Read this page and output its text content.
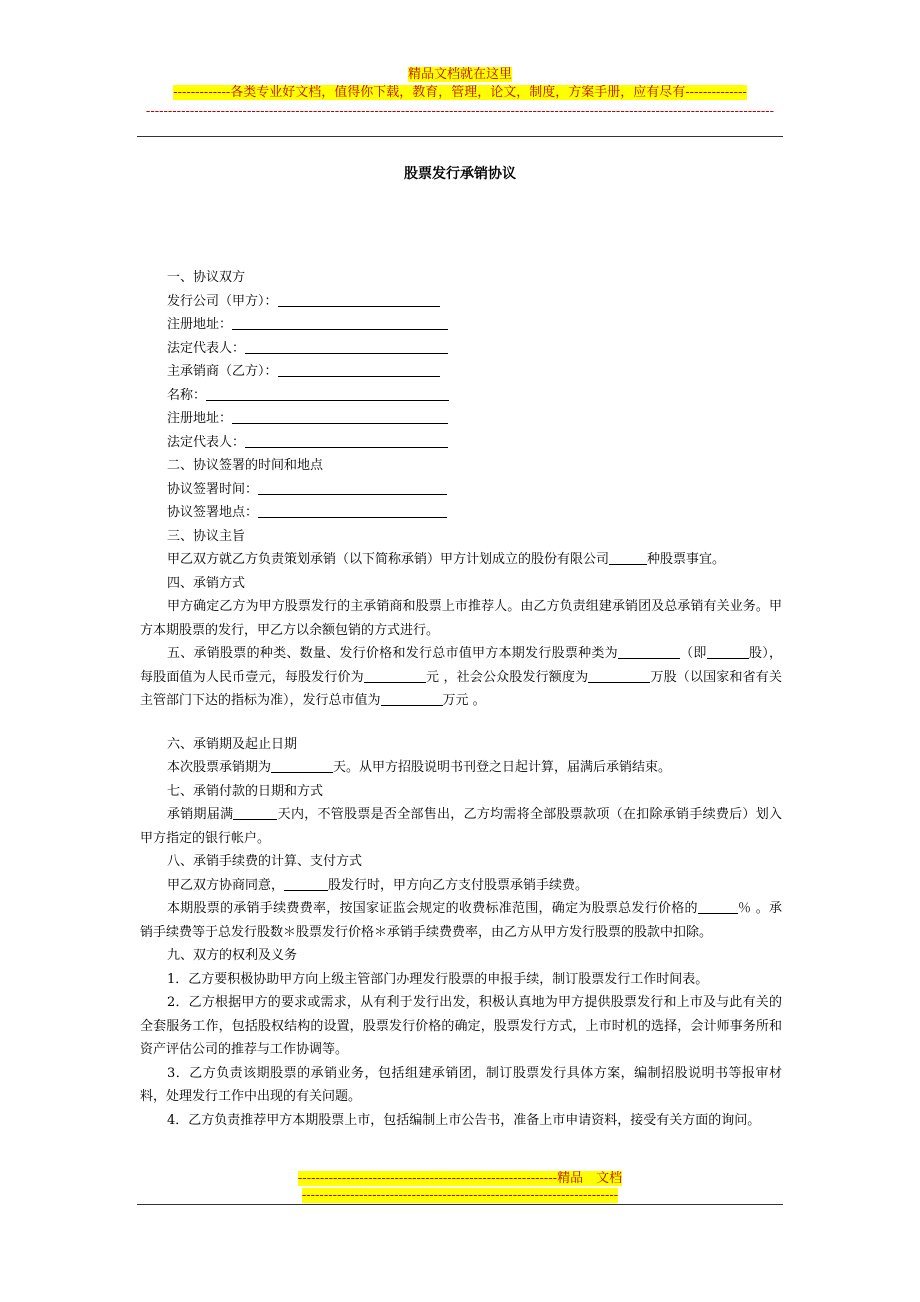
精品文档就在这里
-------------各类专业好文档，值得你下载，教育，管理，论文，制度，方案手册，应有尽有--------------
-----------------------------------------------------------------------------------------------------------------------------------------------
股票发行承销协议

一、协议双方

发行公司（甲方）：

注册地址：

法定代表人：

主承销商（乙方）：

名称：

注册地址：

法定代表人：

二、协议签署的时间和地点

协议签署时间：

协议签署地点：

三、协议主旨

甲乙双方就乙方负责策划承销（以下简称承销）甲方计划成立的股份有限公司	种股票事宜。

四、承销方式

甲方确定乙方为甲方股票发行的主承销商和股票上市推荐人。由乙方负责组建承销团及总承销有关业务。甲方本期股票的发行，甲乙方以余额包销的方式进行。

五、承销股票的种类、数量、发行价格和发行总市值甲方本期发行股票种类为	（即	股），每股面值为人民币壹元，每股发行价为	元 ，社会公众股发行额度为	万股（以国家和省有关主管部门下达的指标为准），发行总市值为	万元 。

六、承销期及起止日期

本次股票承销期为	天。从甲方招股说明书刊登之日起计算，届满后承销结束。

七、承销付款的日期和方式

承销期届满	天内，不管股票是否全部售出，乙方均需将全部股票款项（在扣除承销手续费后）划入甲方指定的银行帐户。

八、承销手续费的计算、支付方式

甲乙双方协商同意，	股发行时，甲方向乙方支付股票承销手续费。

本期股票的承销手续费费率，按国家证监会规定的收费标准范围，确定为股票总发行价格的	％ 。承销手续费等于总发行股数＊股票发行价格＊承销手续费费率，由乙方从甲方发行股票的股款中扣除。

九、双方的权利及义务

1．乙方要积极协助甲方向上级主管部门办理发行股票的申报手续，制订股票发行工作时间表。

2．乙方根据甲方的要求或需求，从有利于发行出发，积极认真地为甲方提供股票发行和上市及与此有关的全套服务工作，包括股权结构的设置，股票发行价格的确定，股票发行方式，上市时机的选择，会计师事务所和资产评估公司的推荐与工作协调等。

3．乙方负责该期股票的承销业务，包括组建承销团，制订股票发行具体方案，编制招股说明书等报审材料，处理发行工作中出现的有关问题。

4．乙方负责推荐甲方本期股票上市，包括编制上市公告书，准备上市申请资料，接受有关方面的询问。

-----------------------------------------------------------精品　文档
------------------------------------------------------------------------
